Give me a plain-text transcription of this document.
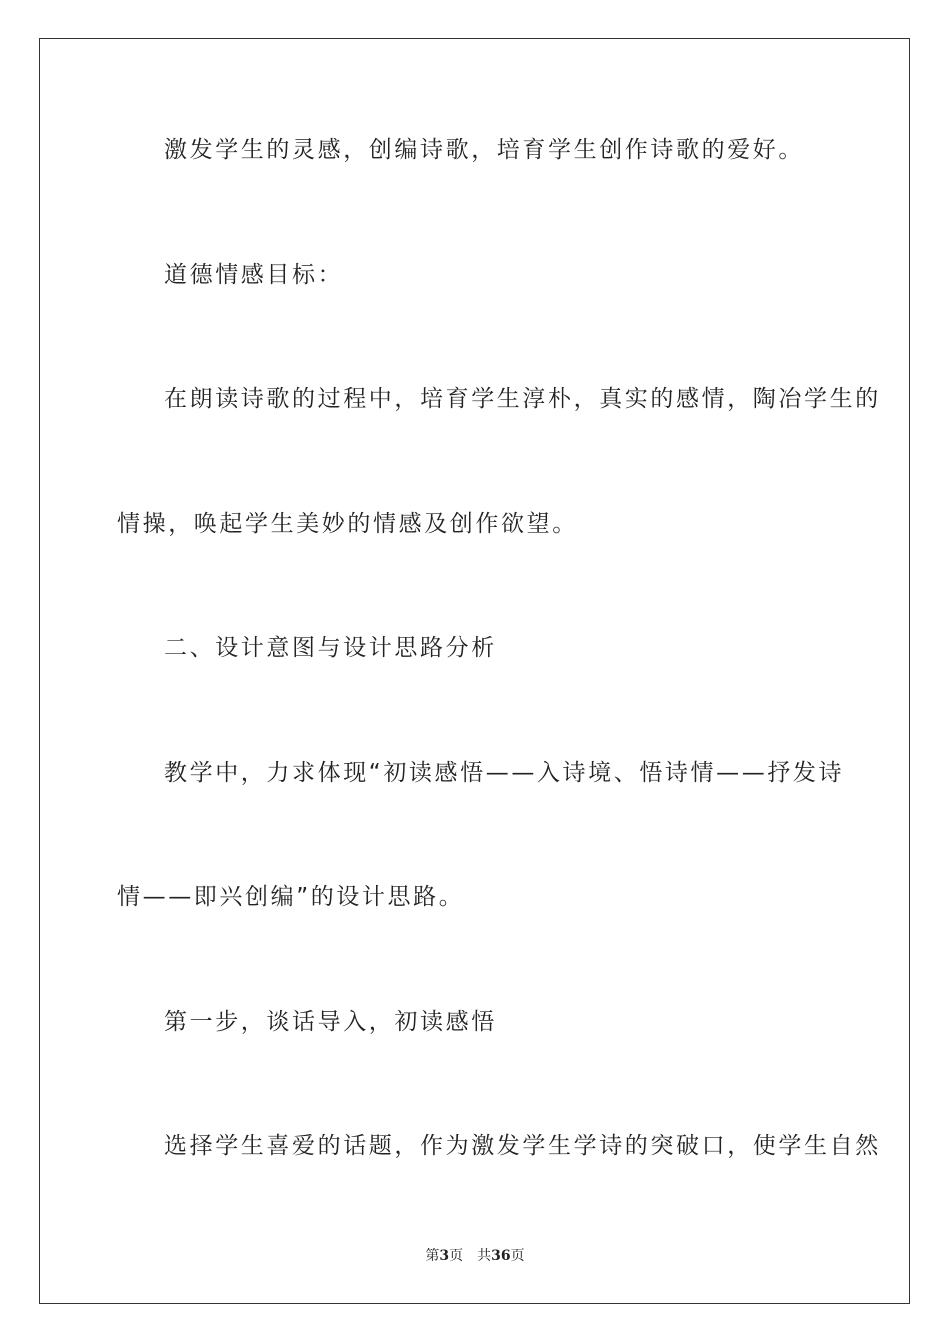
激发学生的灵感，创编诗歌，培育学生创作诗歌的爱好。
道德情感目标：
在朗读诗歌的过程中，培育学生淳朴，真实的感情，陶冶学生的
情操，唤起学生美妙的情感及创作欲望。
二、设计意图与设计思路分析
教学中，力求体现“初读感悟——入诗境、悟诗情——抒发诗
情——即兴创编”的设计思路。
第一步，谈话导入，初读感悟
选择学生喜爱的话题，作为激发学生学诗的突破口，使学生自然
第3页 共36页
